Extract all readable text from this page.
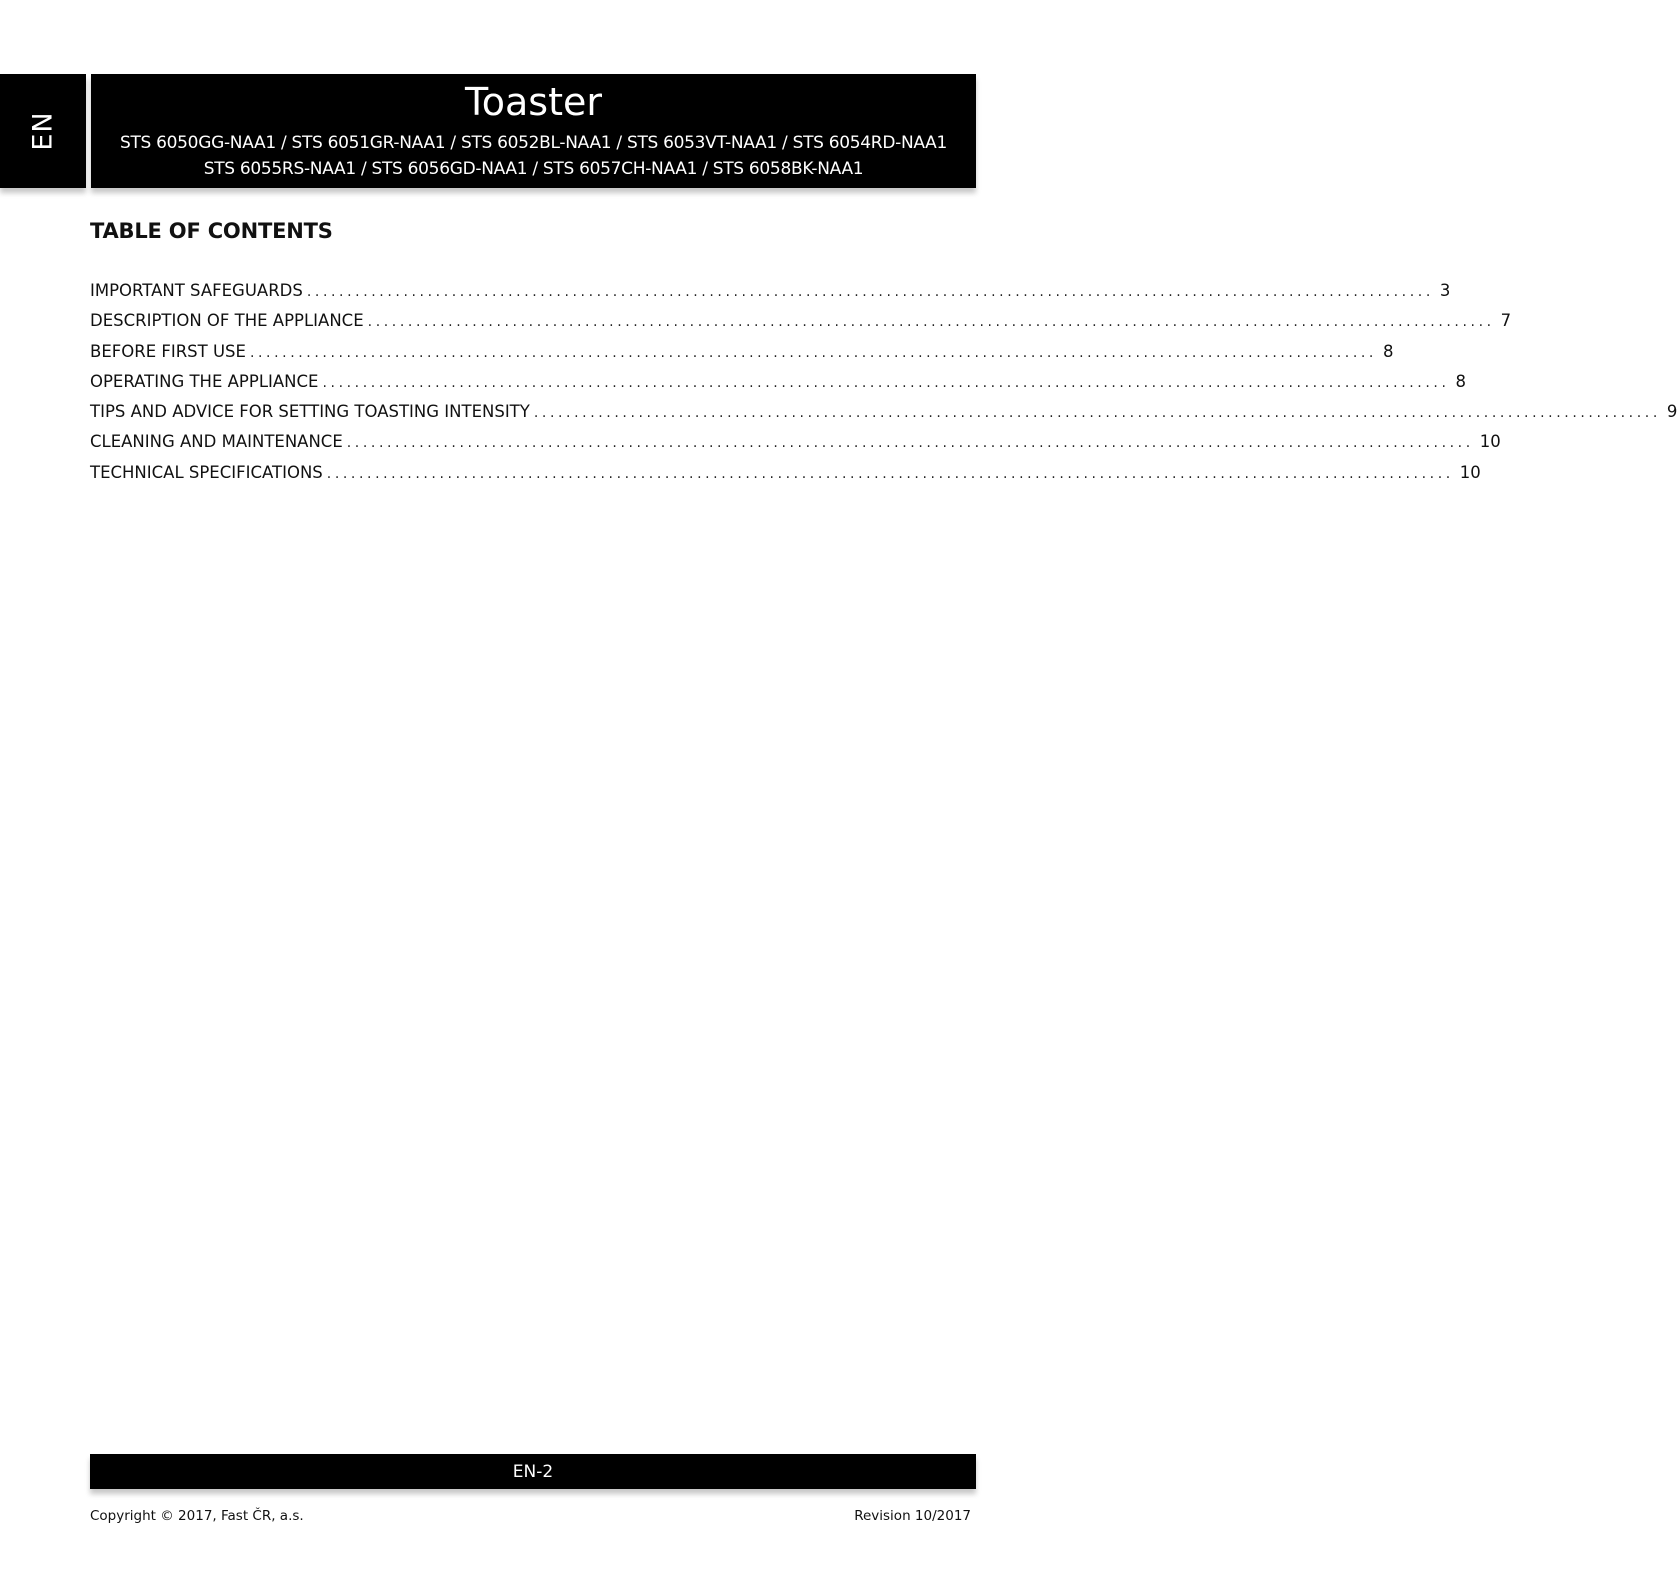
EN
Toaster
STS 6050GG-NAA1 / STS 6051GR-NAA1 / STS 6052BL-NAA1 / STS 6053VT-NAA1 / STS 6054RD-NAA1
STS 6055RS-NAA1 / STS 6056GD-NAA1 / STS 6057CH-NAA1 / STS 6058BK-NAA1
TABLE OF CONTENTS
IMPORTANT SAFEGUARDS ............................................................................................................................................ 3
DESCRIPTION OF THE APPLIANCE ............................................................................................................................................ 7
BEFORE FIRST USE ............................................................................................................................................ 8
OPERATING THE APPLIANCE ............................................................................................................................................ 8
TIPS AND ADVICE FOR SETTING TOASTING INTENSITY ............................................................................................................................................ 9
CLEANING AND MAINTENANCE ............................................................................................................................................ 10
TECHNICAL SPECIFICATIONS ............................................................................................................................................ 10
EN-2
Copyright © 2017, Fast ČR, a.s.	Revision 10/2017
